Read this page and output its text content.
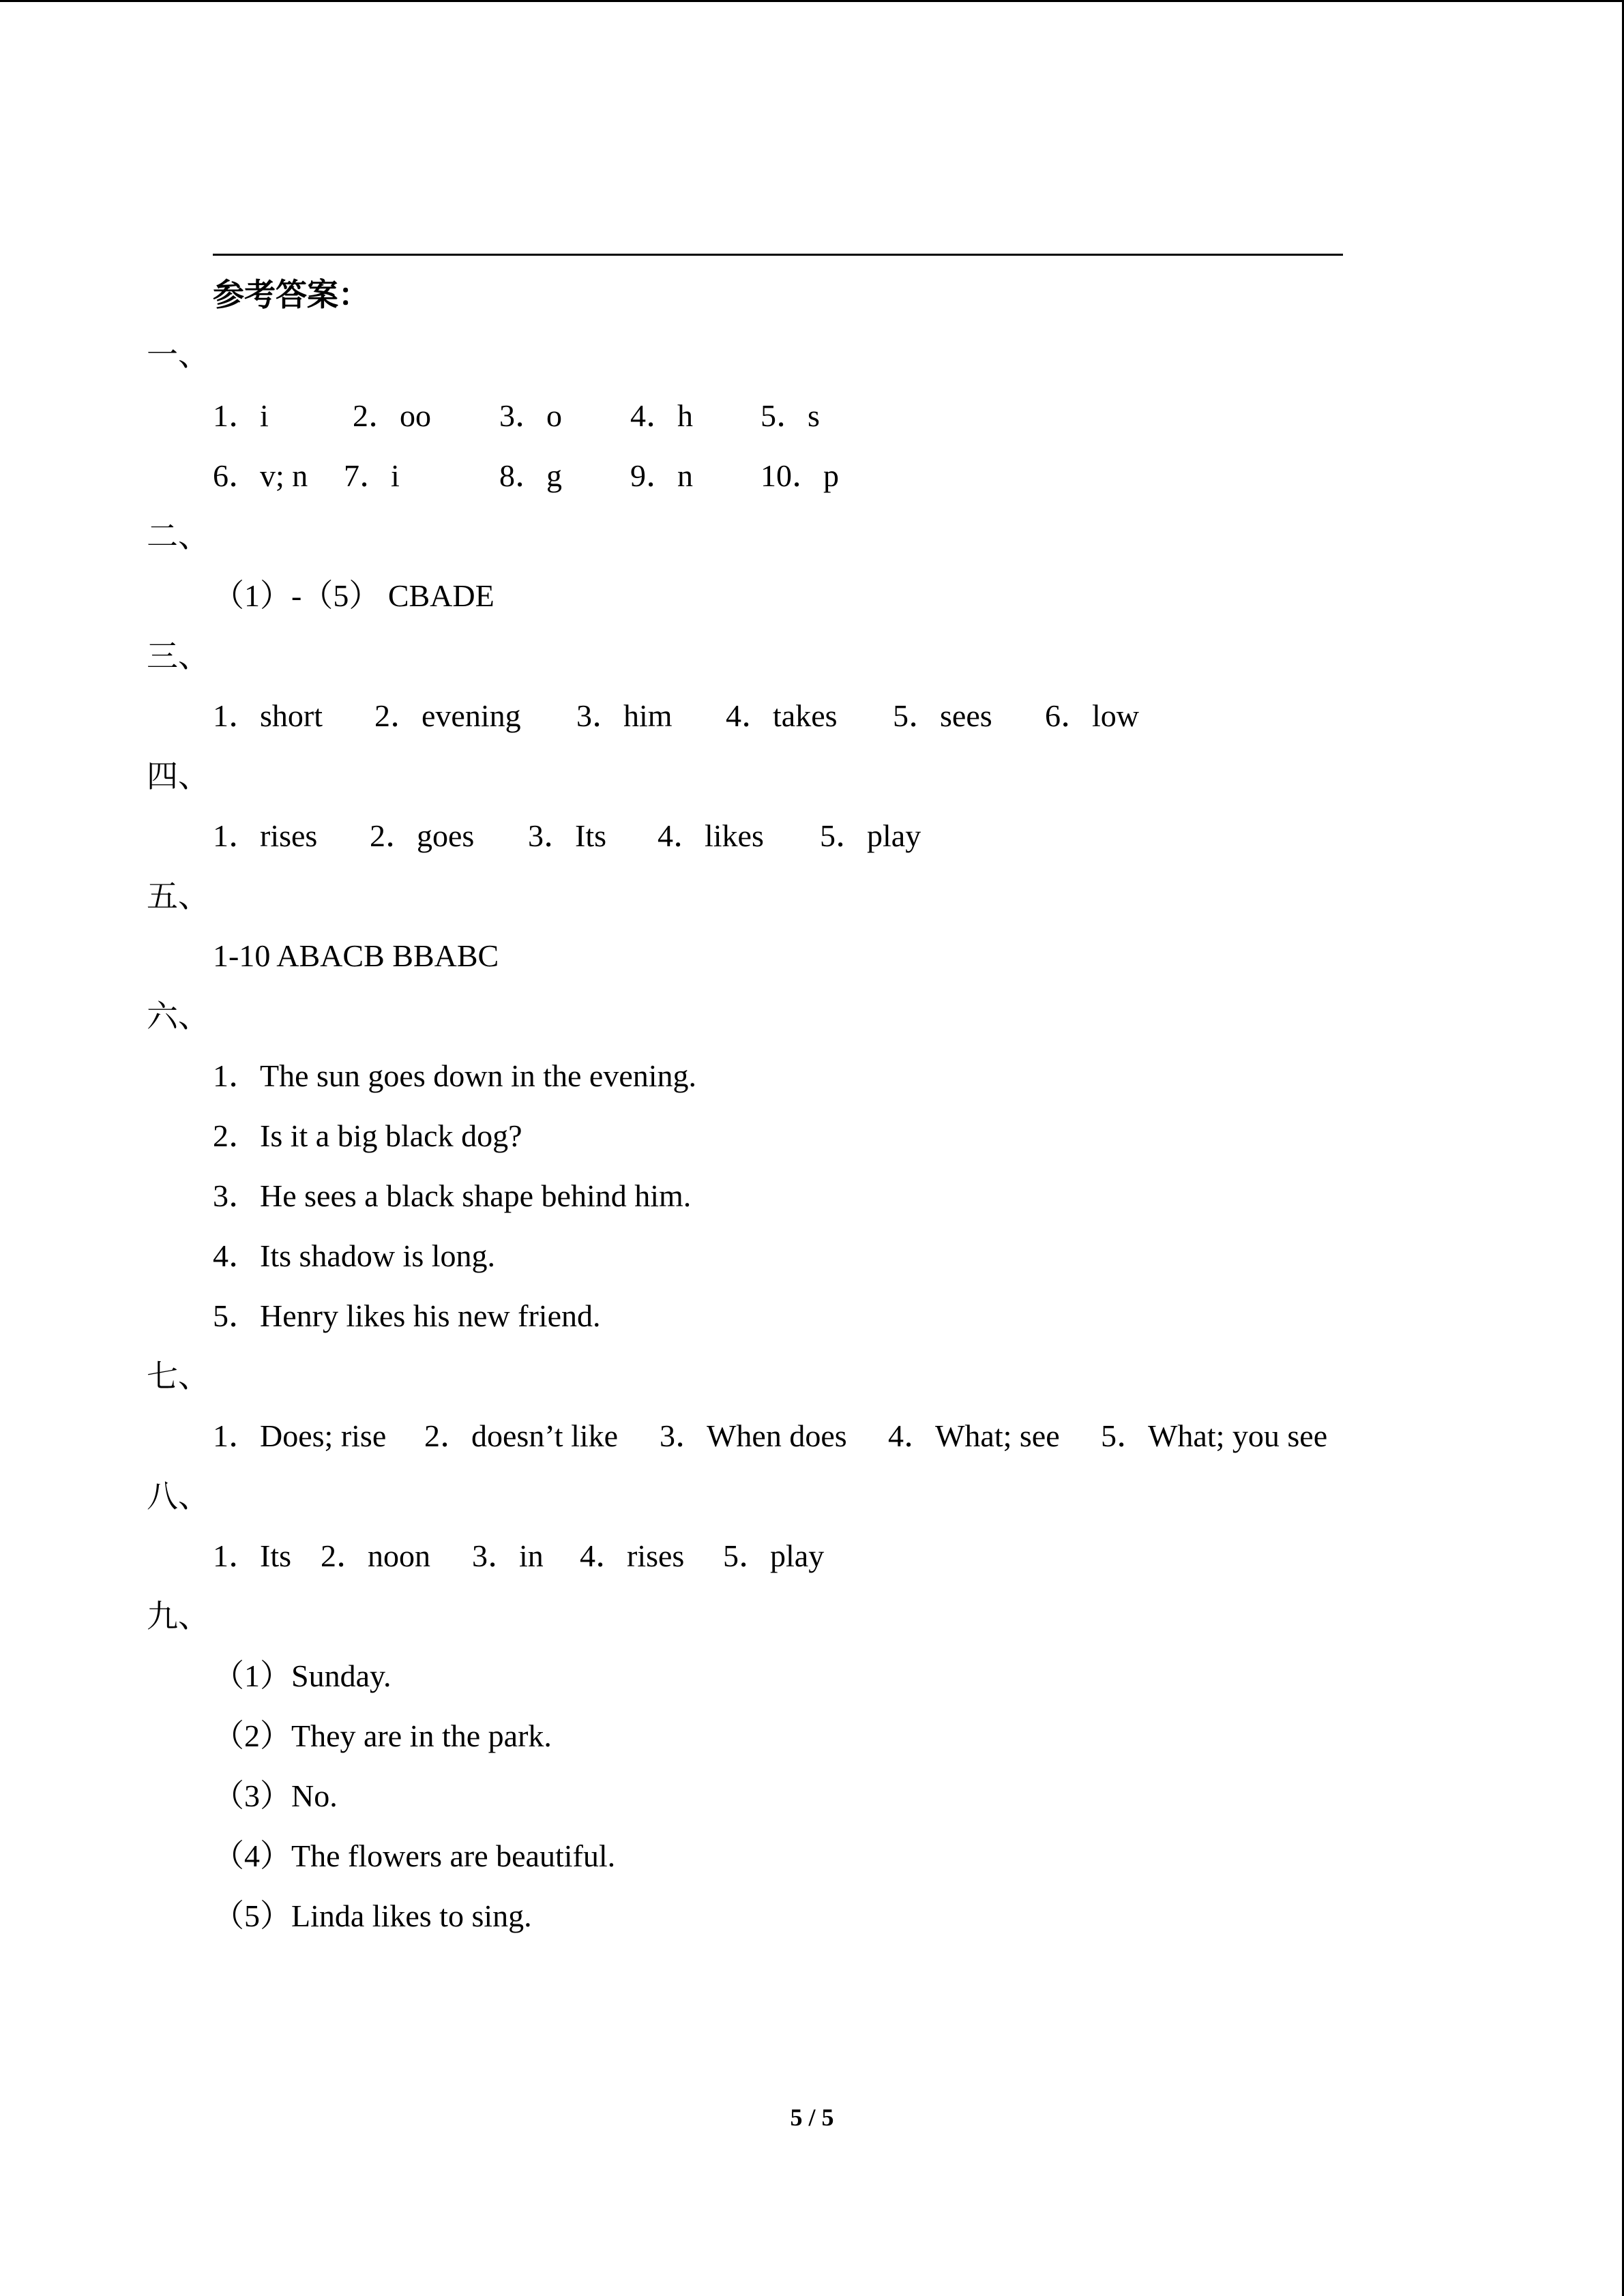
参考答案：
一、
1．i	2．oo 3．o 4．h 5．s
6．v; n 7．i	8．g 9．n 10．p
二、
（1）-（5） CBADE
三、
1．short 2．evening 3．him 4．takes 5．sees 6．low
四、
1．rises 2．goes 3．Its 4．likes 5．play
五、
1-10 ABACB BBABC
六、
1．The sun goes down in the evening.
2．Is it a big black dog?
3．He sees a black shape behind him.
4．Its shadow is long.
5．Henry likes his new friend.
七、
1．Does; rise 2．doesn’t like 3．When does 4．What; see 5．What; you see
八、
1．Its 2．noon 3．in 4．rises 5．play
九、
（1）Sunday.
（2）They are in the park.
（3）No.
（4）The flowers are beautiful.
（5）Linda likes to sing.
5 / 5
